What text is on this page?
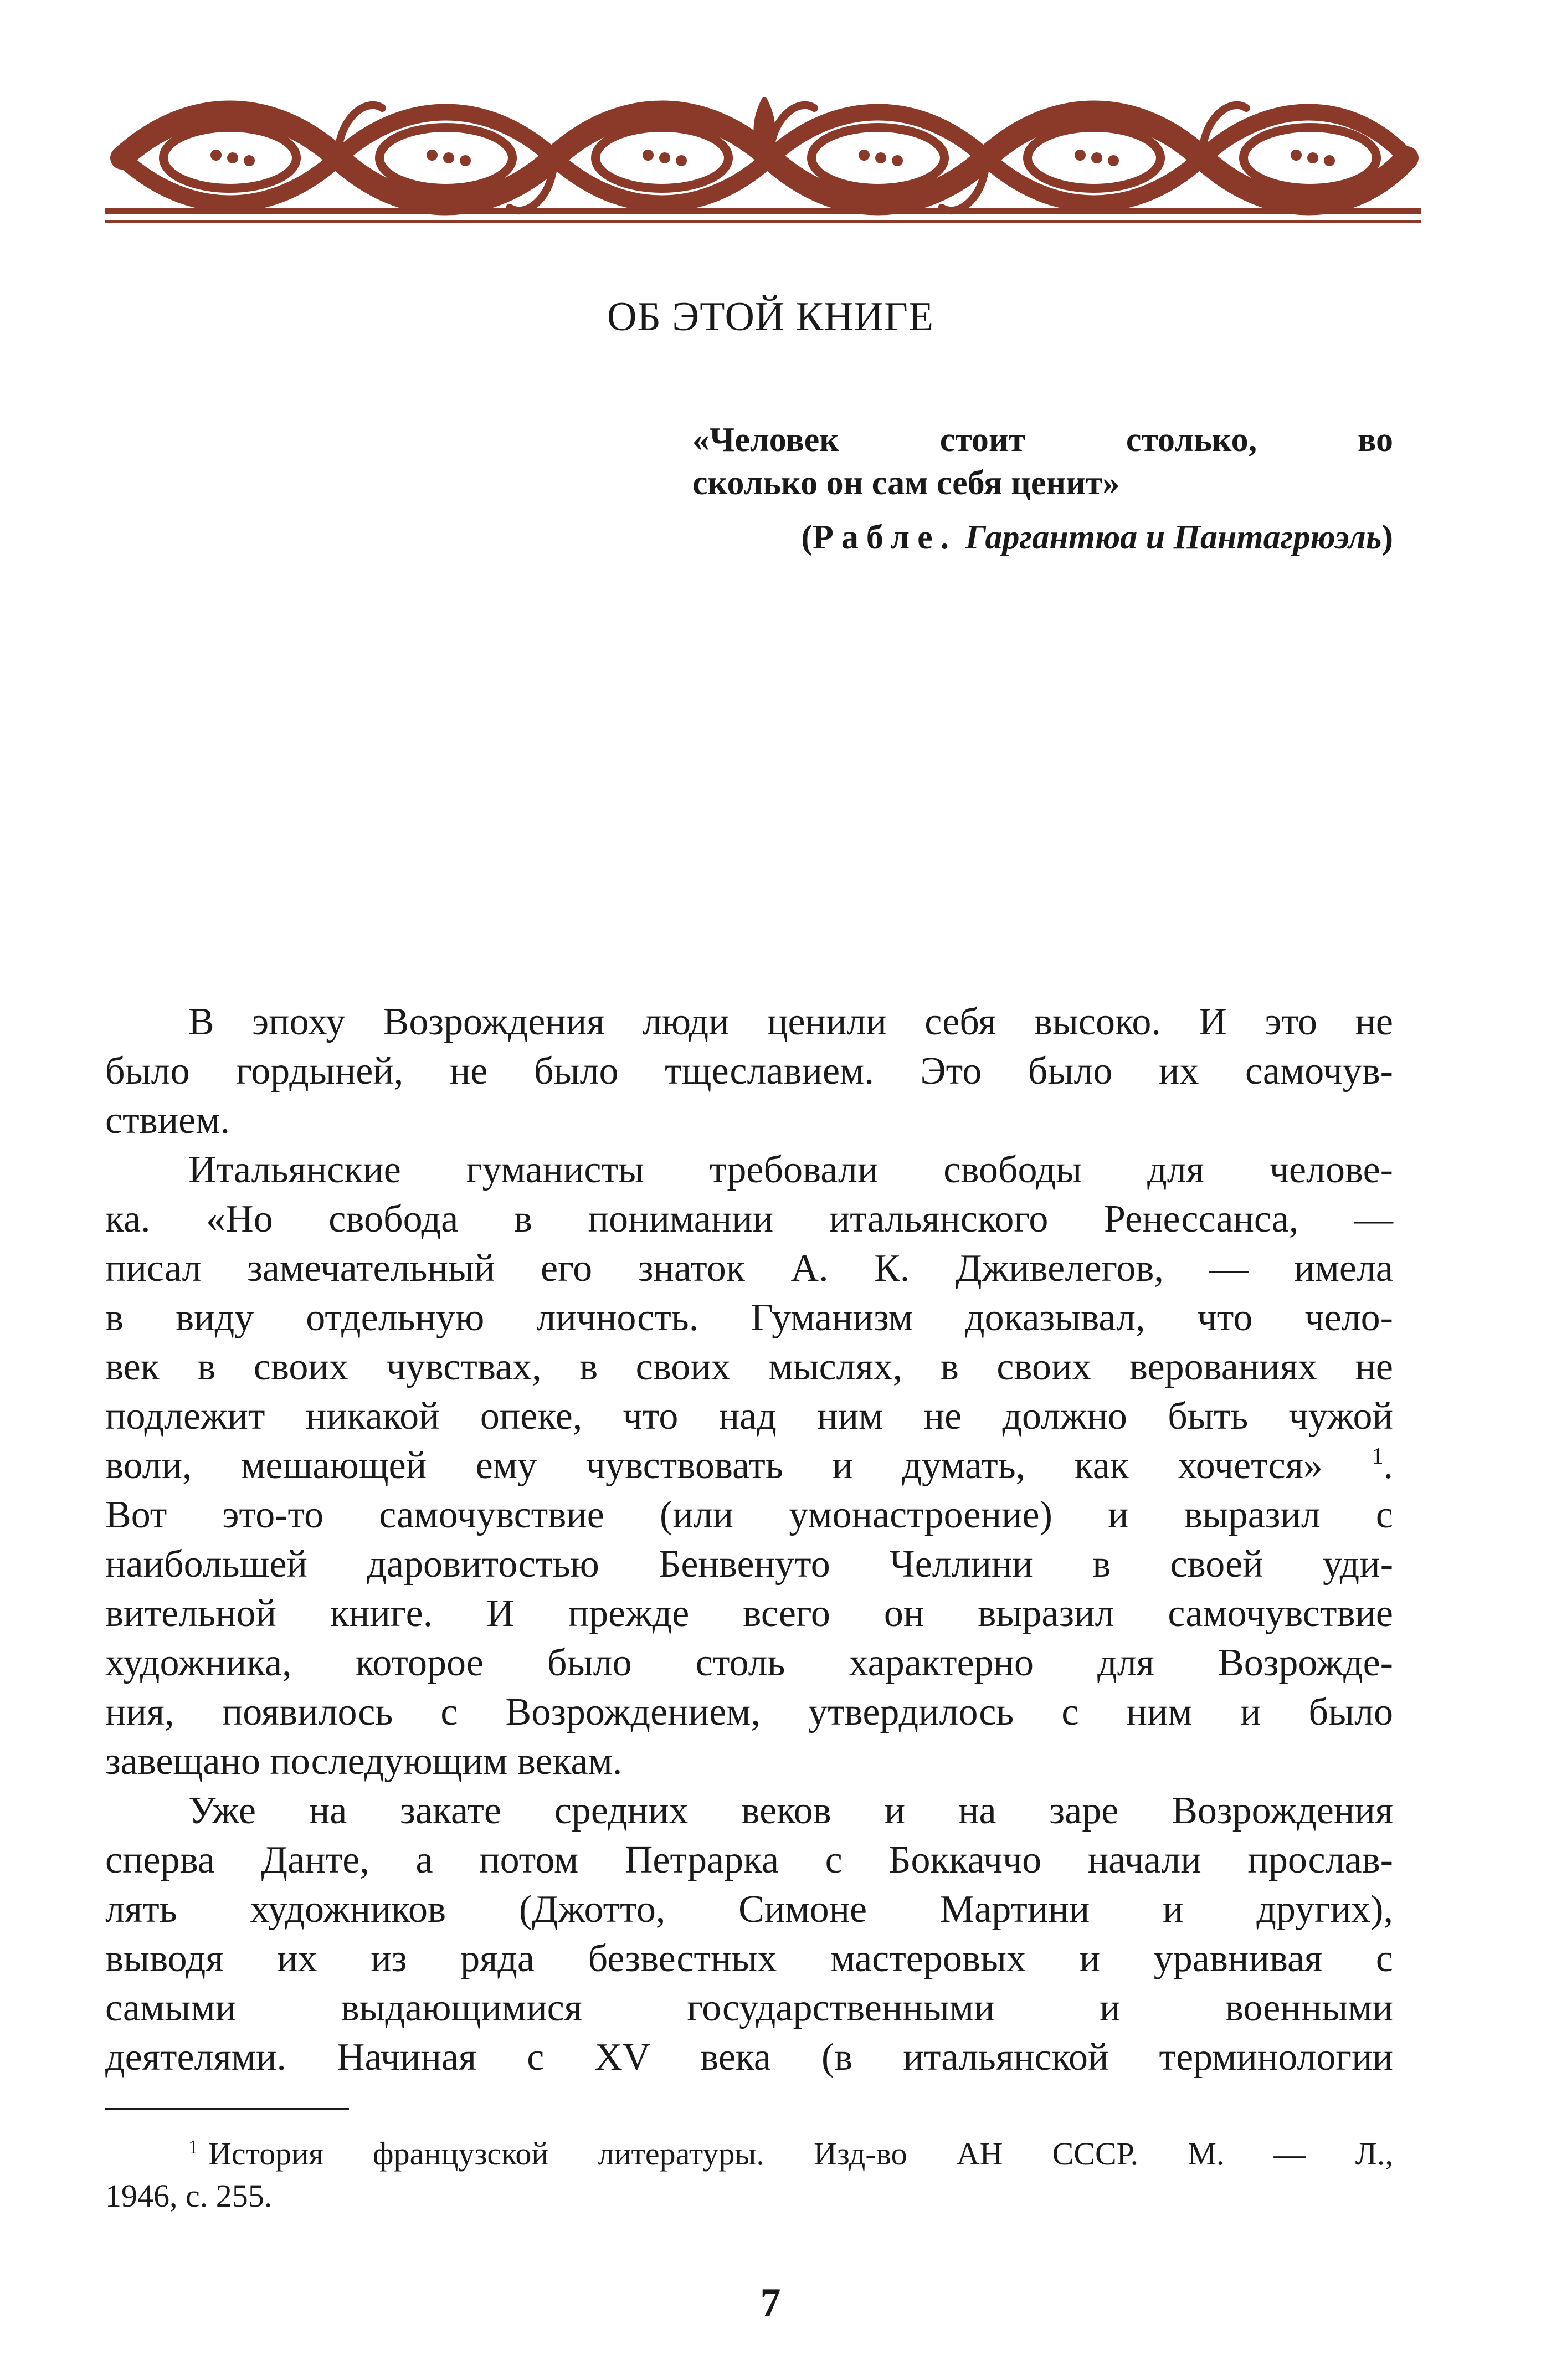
ОБ ЭТОЙ КНИГЕ
«Человек стоит столько, во
сколько он сам себя ценит»
(Рабле. Гаргантюа и Пантагрюэль)
В эпоху Возрождения люди ценили себя высоко. И это не
было гордыней, не было тщеславием. Это было их самочув-
ствием.
Итальянские гуманисты требовали свободы для челове-
ка. «Но свобода в понимании итальянского Ренессанса, —
писал замечательный его знаток А. К. Дживелегов, — имела
в виду отдельную личность. Гуманизм доказывал, что чело-
век в своих чувствах, в своих мыслях, в своих верованиях не
подлежит никакой опеке, что над ним не должно быть чужой
воли, мешающей ему чувствовать и думать, как хочется» $^1$.
Вот это-то самочувствие (или умонастроение) и выразил с
наибольшей даровитостью Бенвенуто Челлини в своей уди-
вительной книге. И прежде всего он выразил самочувствие
художника, которое было столь характерно для Возрожде-
ния, появилось с Возрождением, утвердилось с ним и было
завещано последующим векам.
Уже на закате средних веков и на заре Возрождения
сперва Данте, а потом Петрарка с Боккаччо начали прослав-
лять художников (Джотто, Симоне Мартини и других),
выводя их из ряда безвестных мастеровых и уравнивая с
самыми выдающимися государственными и военными
деятелями. Начиная с XV века (в итальянской терминологии
$^1$ История французской литературы. Изд-во АН СССР. М. — Л.,
1946, с. 255.
7
